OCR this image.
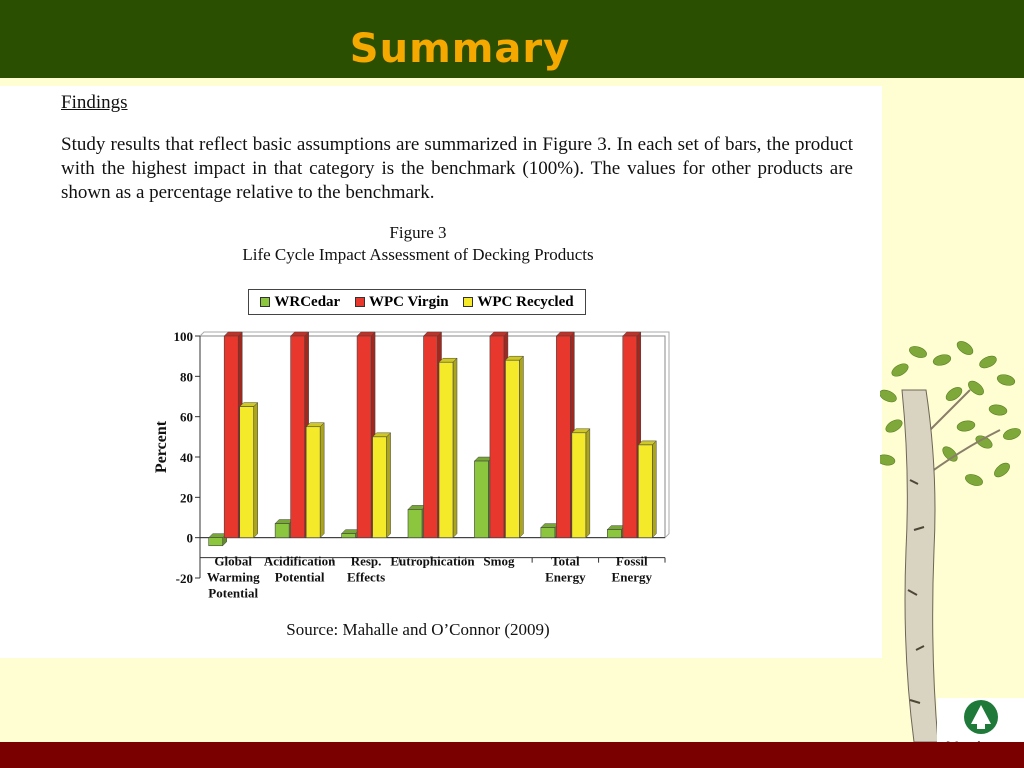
Summary
Findings
Study results that reflect basic assumptions are summarized in Figure 3. In each set of bars, the product with the highest impact in that category is the benchmark (100%). The values for other products are shown as a percentage relative to the benchmark.
Figure 3
Life Cycle Impact Assessment of Decking Products
WRCedar WPC Virgin WPC Recycled
-20
0
20
40
60
80
100
Percent
Global
Warming
Potential
Acidification
Potential
Resp.
Effects
Eutrophication Smog	Total
Energy
Fossil
Energy
Source: Mahalle and O’Connor (2009)
